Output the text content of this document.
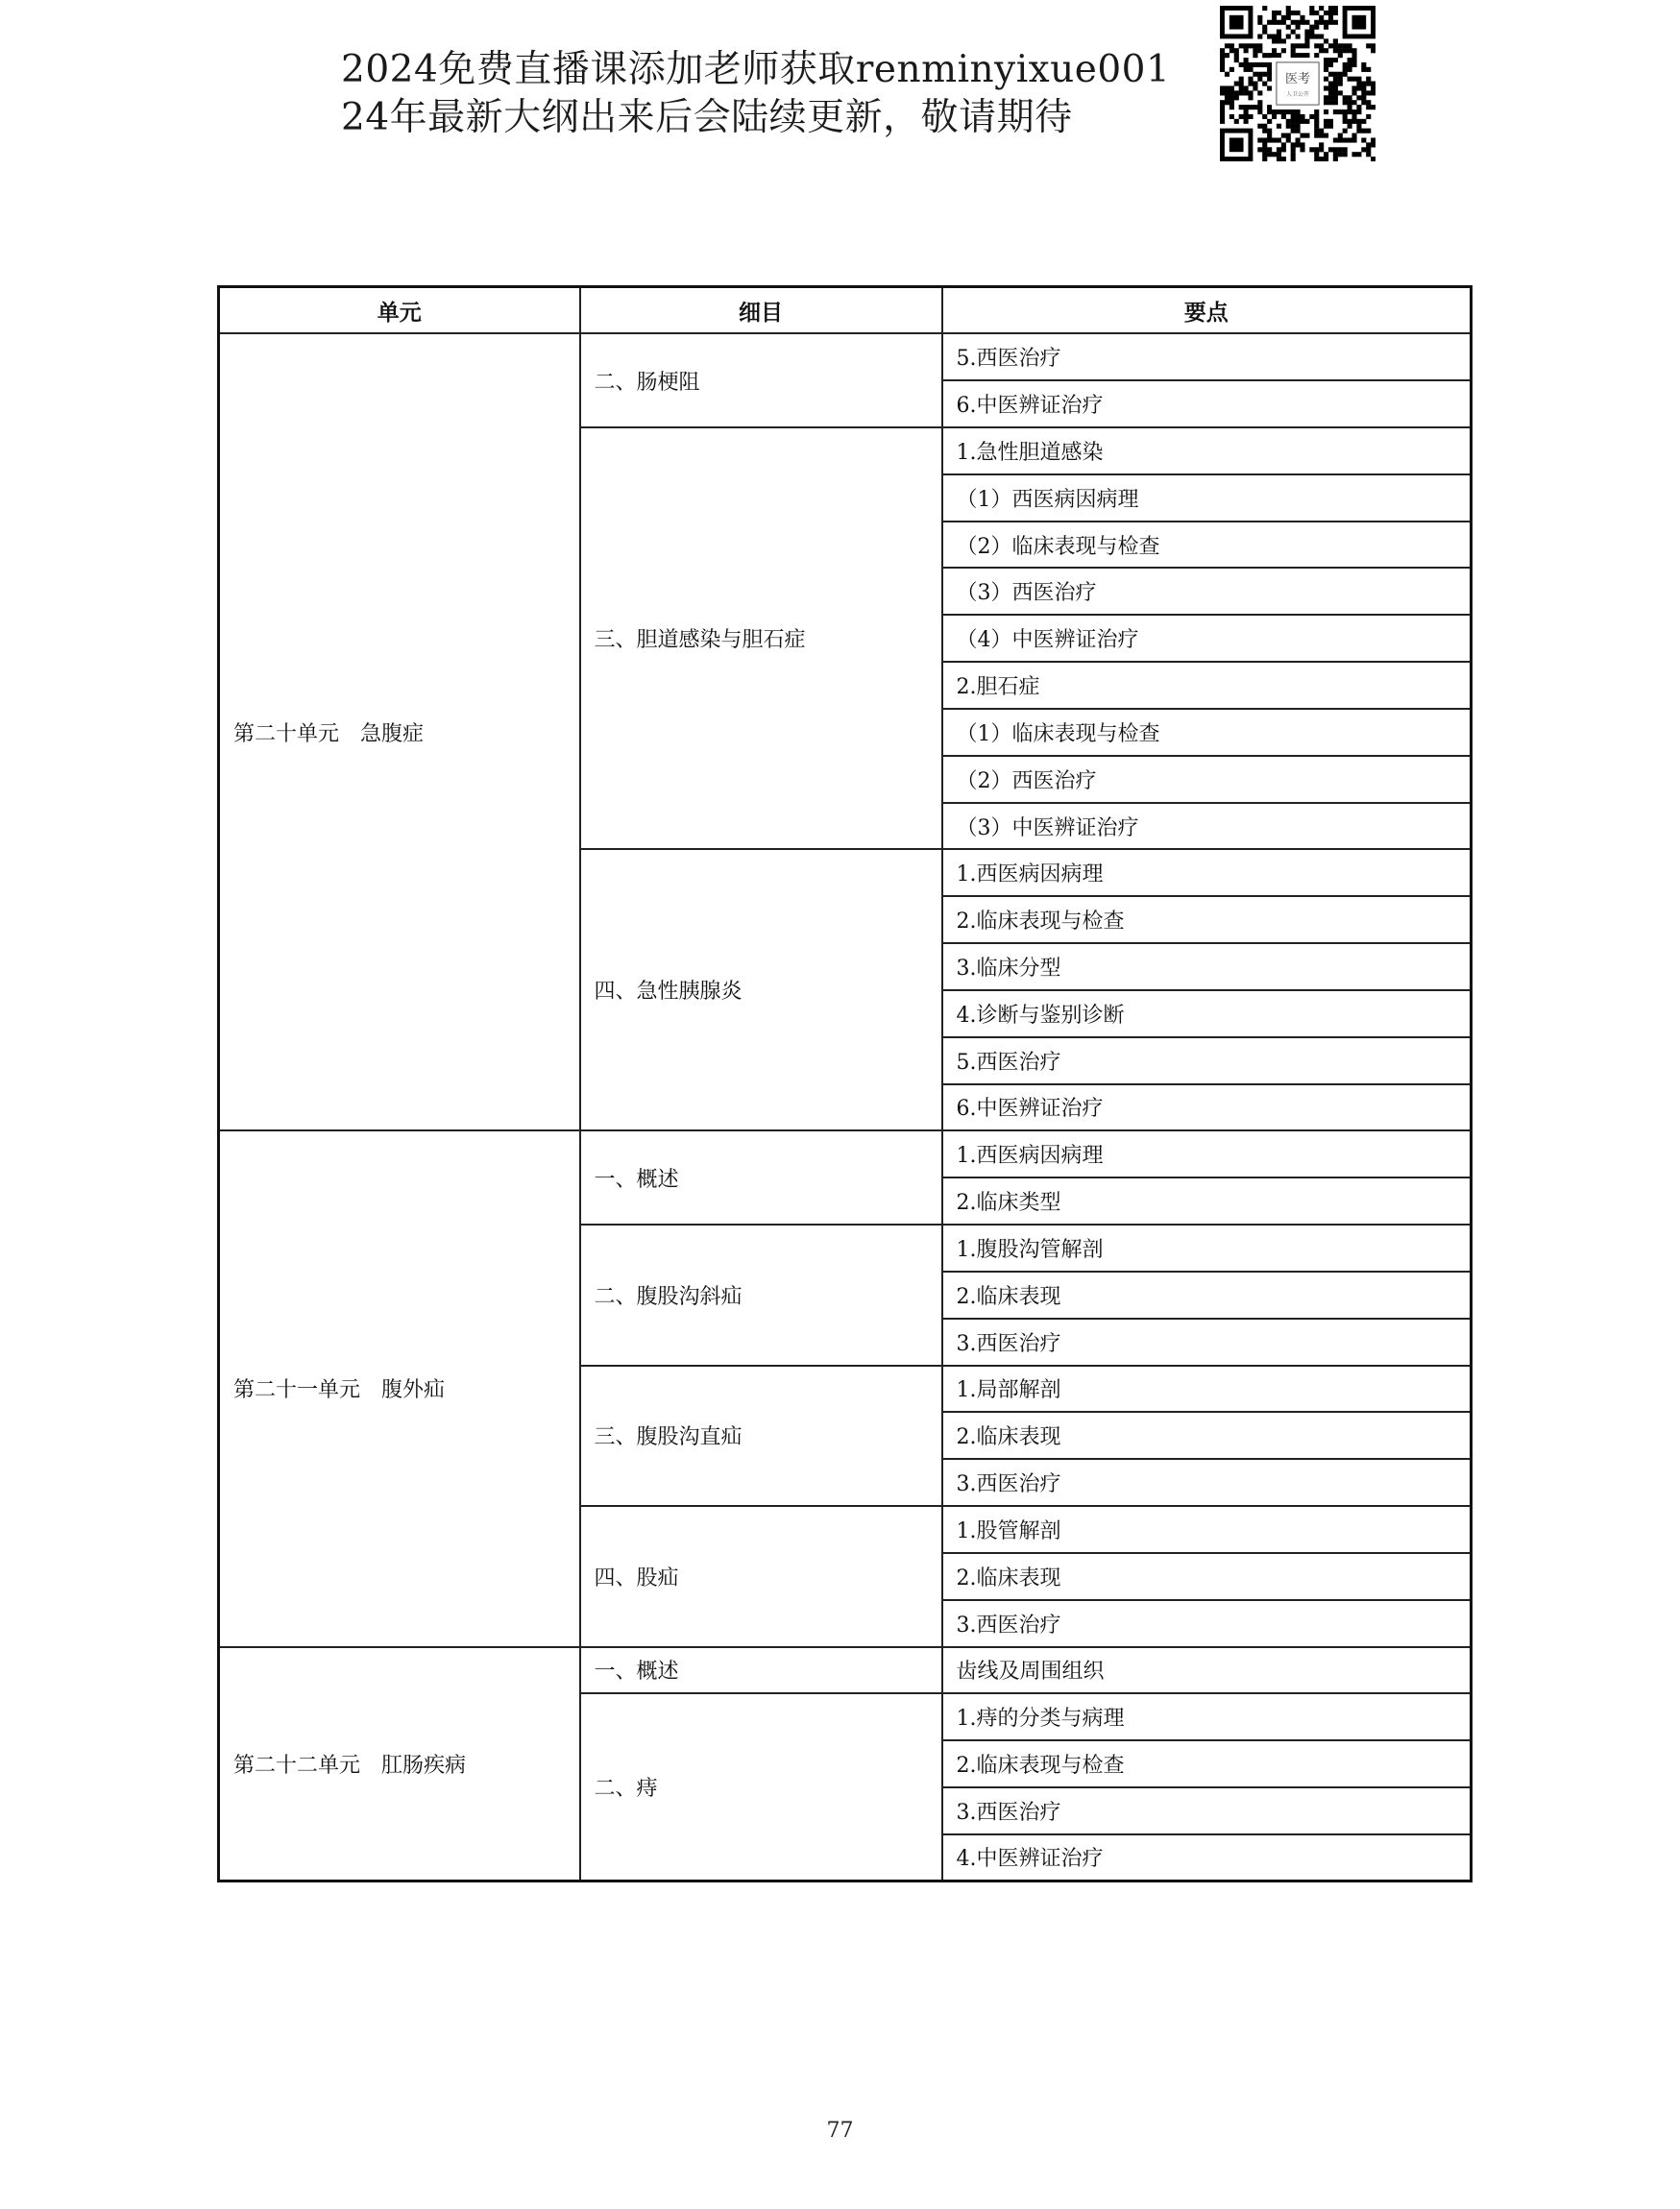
2024免费直播课添加老师获取renminyixue001
24年最新大纲出来后会陆续更新，敬请期待
医考
人卫公开
单元	细目	要点
第二十单元　急腹症	二、肠梗阻	5.西医治疗
		6.中医辨证治疗
	三、胆道感染与胆石症	1.急性胆道感染
		（1）西医病因病理
		（2）临床表现与检查
		（3）西医治疗
		（4）中医辨证治疗
		2.胆石症
		（1）临床表现与检查
		（2）西医治疗
		（3）中医辨证治疗
	四、急性胰腺炎	1.西医病因病理
		2.临床表现与检查
		3.临床分型
		4.诊断与鉴别诊断
		5.西医治疗
		6.中医辨证治疗
第二十一单元　腹外疝	一、概述	1.西医病因病理
		2.临床类型
	二、腹股沟斜疝	1.腹股沟管解剖
		2.临床表现
		3.西医治疗
	三、腹股沟直疝	1.局部解剖
		2.临床表现
		3.西医治疗
	四、股疝	1.股管解剖
		2.临床表现
		3.西医治疗
第二十二单元　肛肠疾病	一、概述	齿线及周围组织
	二、痔	1.痔的分类与病理
		2.临床表现与检查
		3.西医治疗
		4.中医辨证治疗
77
